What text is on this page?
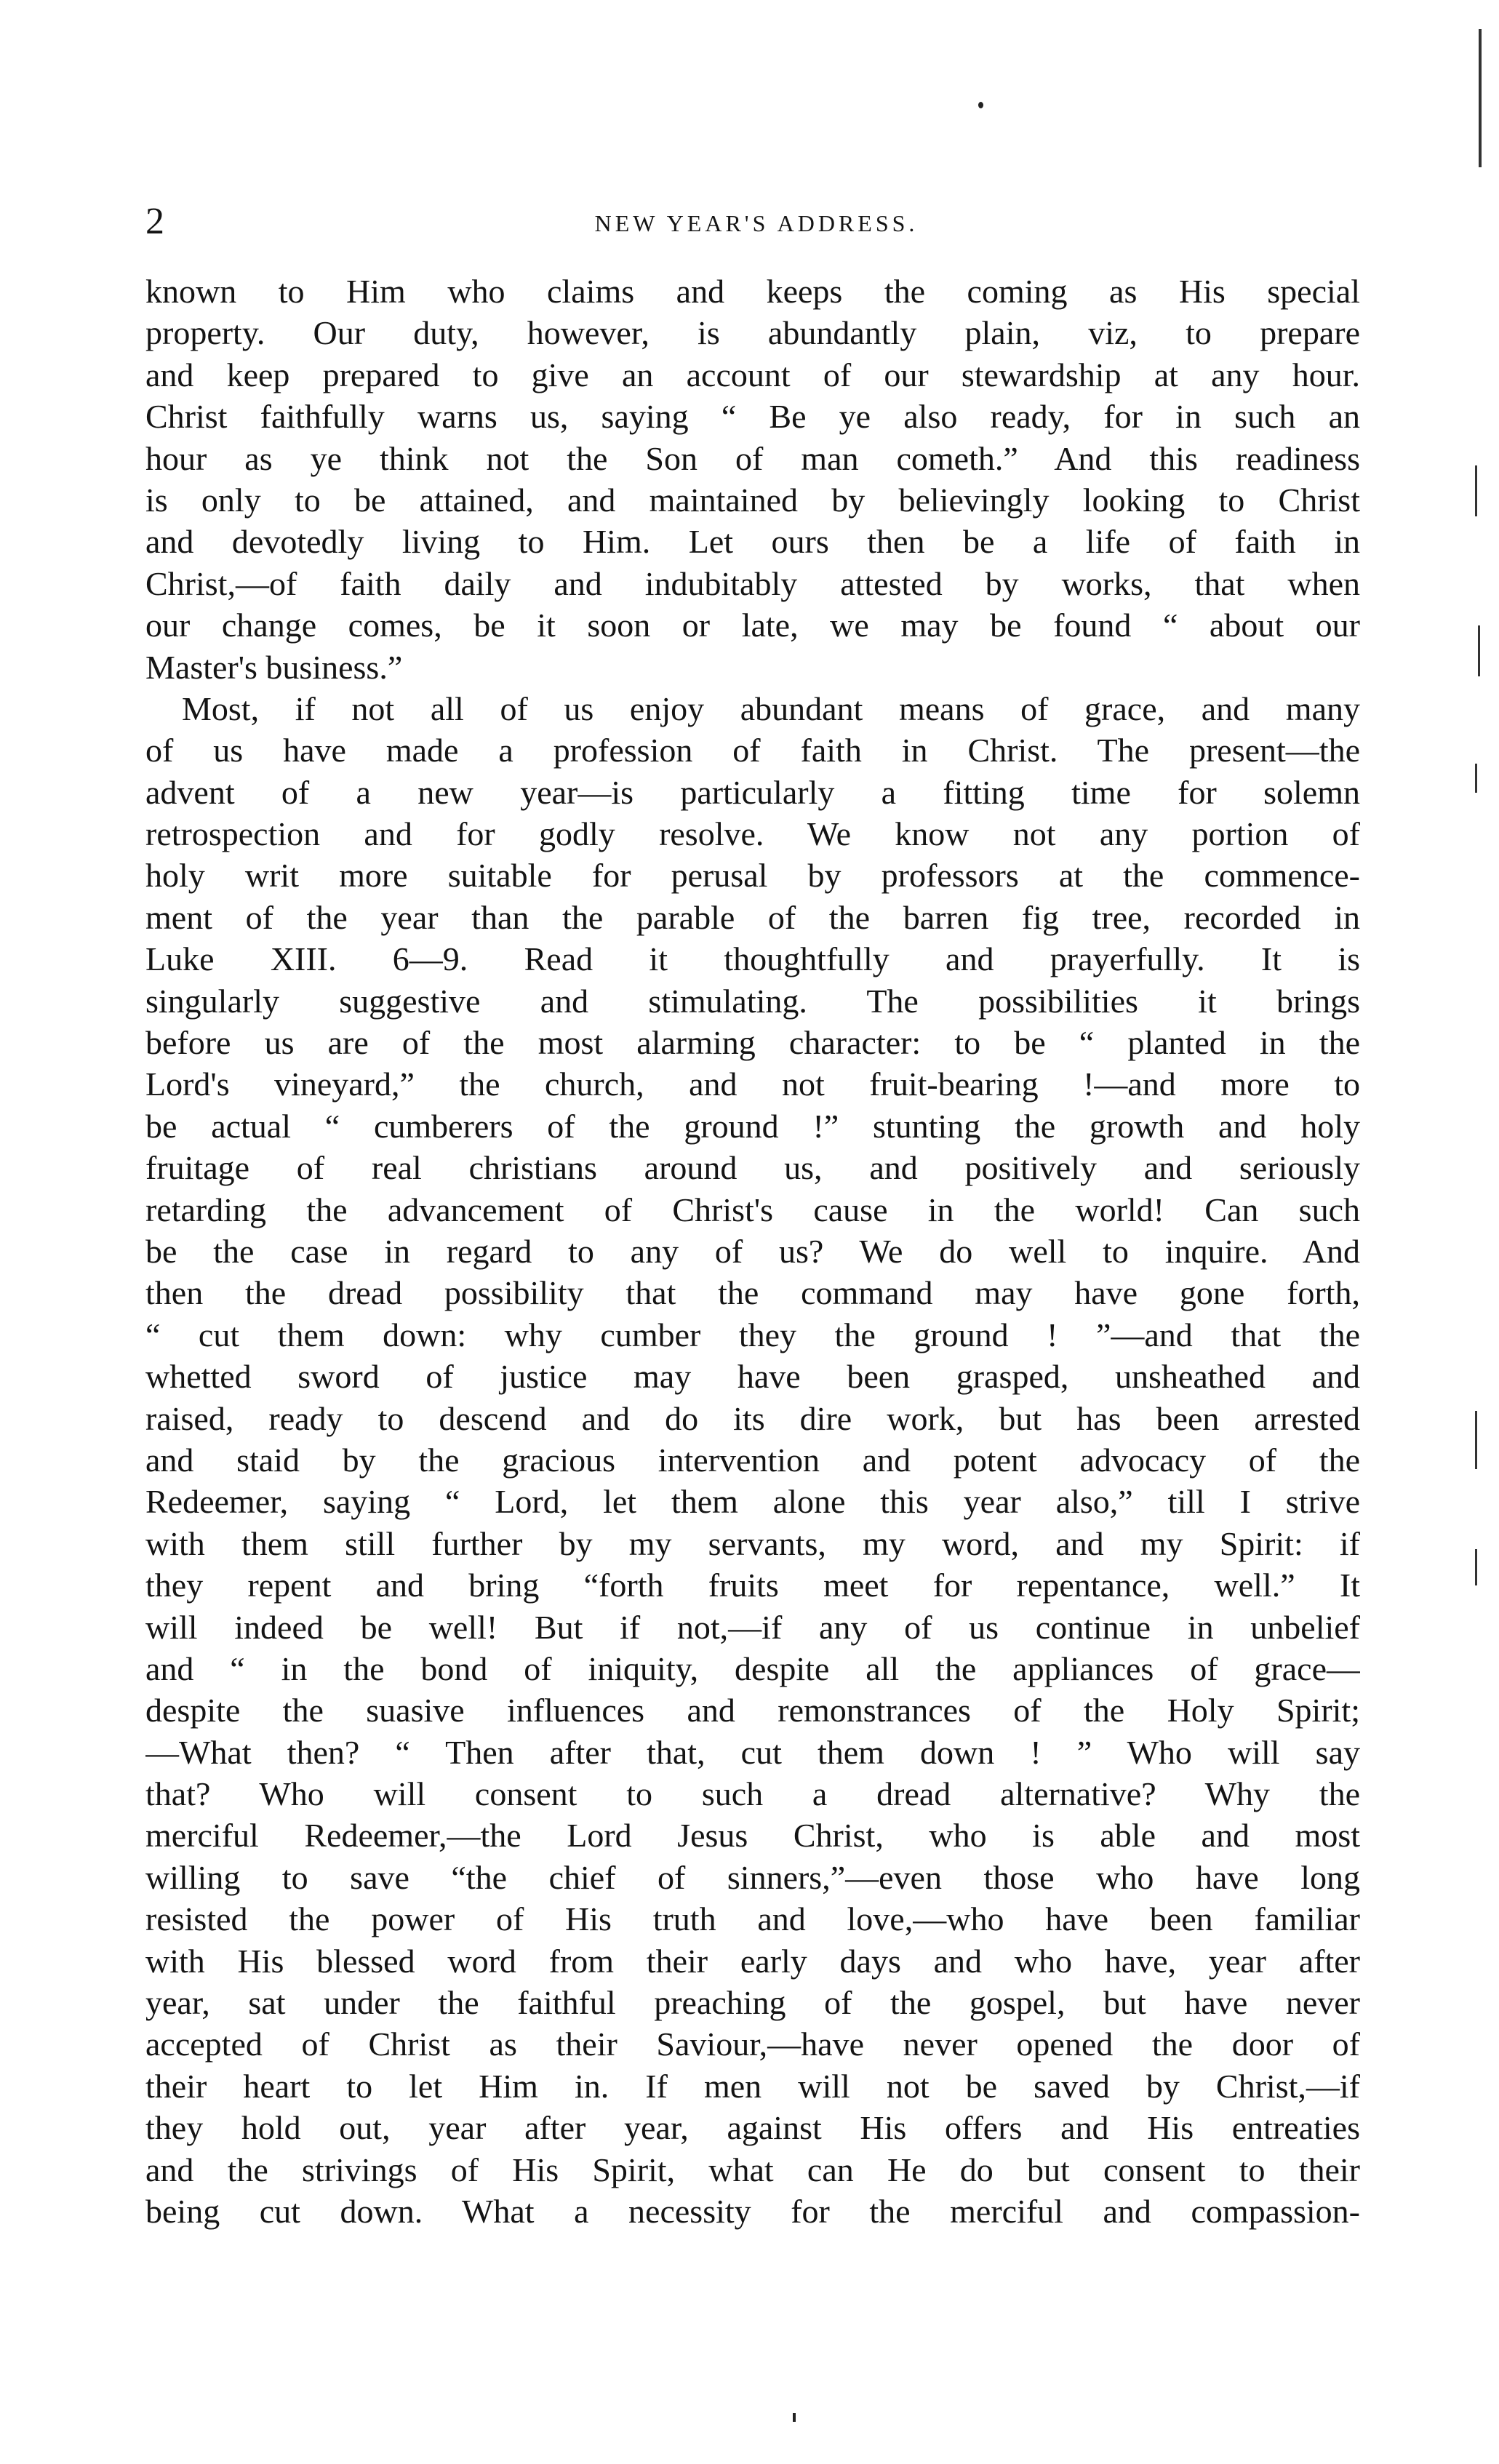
2	NEW YEAR'S ADDRESS.
known to Him who claims and keeps the coming as His special
property. Our duty, however, is abundantly plain, viz, to prepare
and keep prepared to give an account of our stewardship at any hour.
Christ faithfully warns us, saying “ Be ye also ready, for in such an
hour as ye think not the Son of man cometh.” And this readiness
is only to be attained, and maintained by believingly looking to Christ
and devotedly living to Him. Let ours then be a life of faith in
Christ,—of faith daily and indubitably attested by works, that when
our change comes, be it soon or late, we may be found “ about our
Master's business.”
Most, if not all of us enjoy abundant means of grace, and many
of us have made a profession of faith in Christ. The present—the
advent of a new year—is particularly a fitting time for solemn
retrospection and for godly resolve. We know not any portion of
holy writ more suitable for perusal by professors at the commence-
ment of the year than the parable of the barren fig tree, recorded in
Luke XIII. 6—9. Read it thoughtfully and prayerfully. It is
singularly suggestive and stimulating. The possibilities it brings
before us are of the most alarming character: to be “ planted in the
Lord's vineyard,” the church, and not fruit-bearing !—and more to
be actual “ cumberers of the ground !” stunting the growth and holy
fruitage of real christians around us, and positively and seriously
retarding the advancement of Christ's cause in the world! Can such
be the case in regard to any of us? We do well to inquire. And
then the dread possibility that the command may have gone forth,
“ cut them down: why cumber they the ground ! ”—and that the
whetted sword of justice may have been grasped, unsheathed and
raised, ready to descend and do its dire work, but has been arrested
and staid by the gracious intervention and potent advocacy of the
Redeemer, saying “ Lord, let them alone this year also,” till I strive
with them still further by my servants, my word, and my Spirit: if
they repent and bring “forth fruits meet for repentance, well.” It
will indeed be well! But if not,—if any of us continue in unbelief
and “ in the bond of iniquity, despite all the appliances of grace—
despite the suasive influences and remonstrances of the Holy Spirit;
—What then? “ Then after that, cut them down ! ” Who will say
that? Who will consent to such a dread alternative? Why the
merciful Redeemer,—the Lord Jesus Christ, who is able and most
willing to save “the chief of sinners,”—even those who have long
resisted the power of His truth and love,—who have been familiar
with His blessed word from their early days and who have, year after
year, sat under the faithful preaching of the gospel, but have never
accepted of Christ as their Saviour,—have never opened the door of
their heart to let Him in. If men will not be saved by Christ,—if
they hold out, year after year, against His offers and His entreaties
and the strivings of His Spirit, what can He do but consent to their
being cut down. What a necessity for the merciful and compassion-
